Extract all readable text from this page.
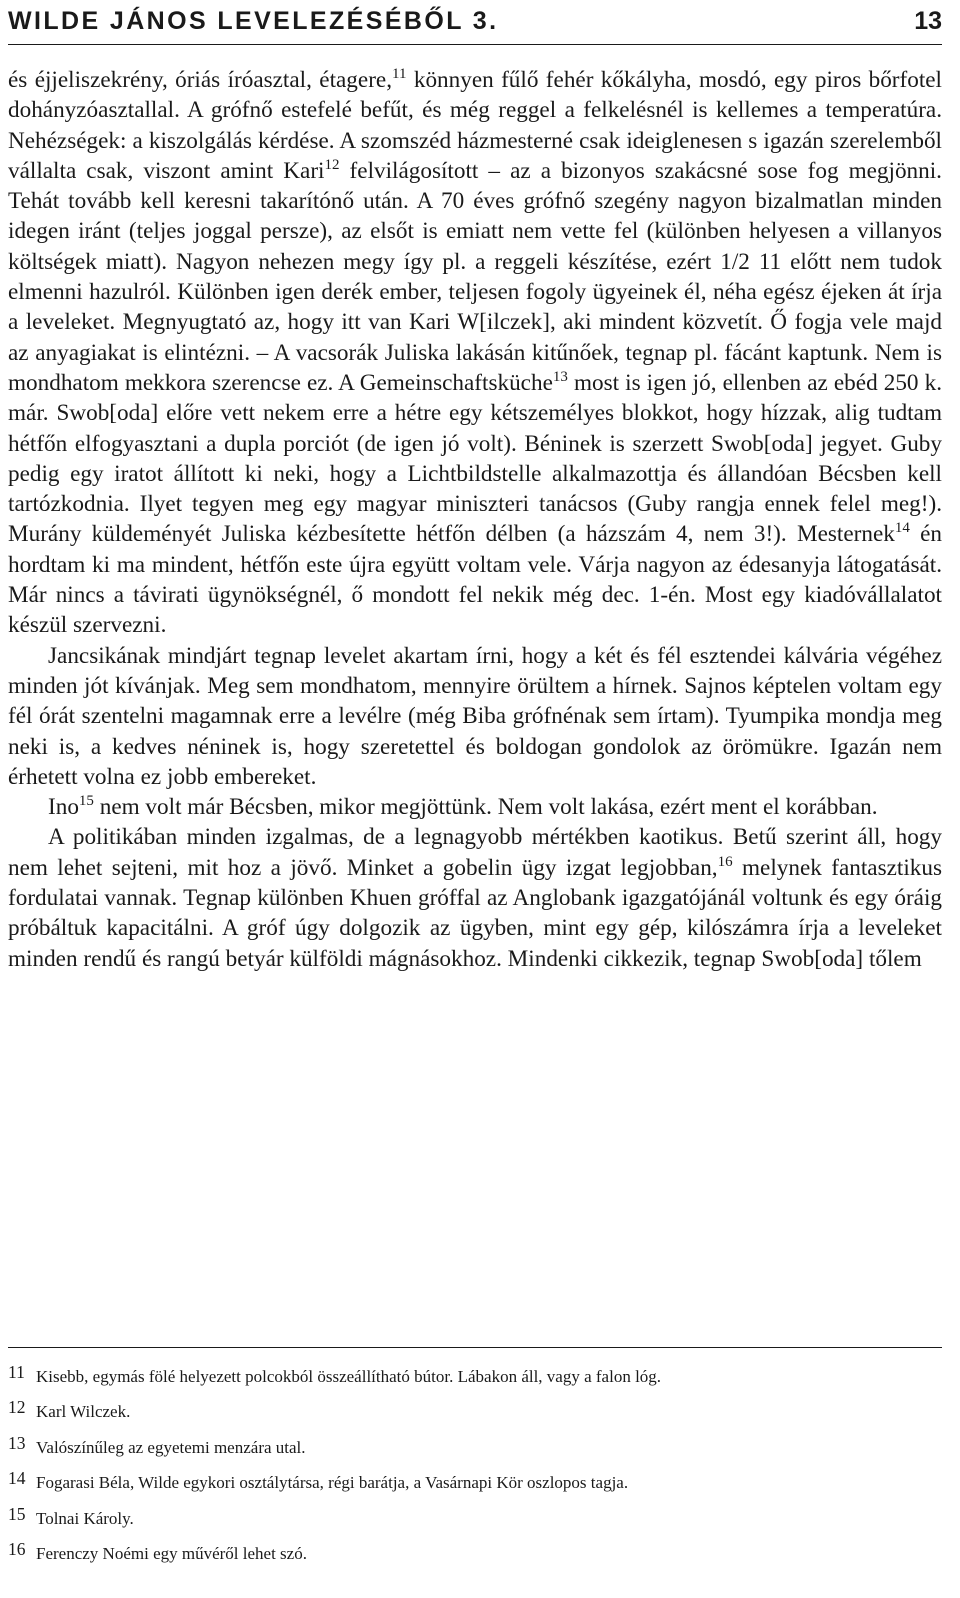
WILDE JÁNOS LEVELEZÉSÉBŐL 3.	13

és éjjeliszekrény, óriás íróasztal, étagere,$^{11}$ könnyen fűlő fehér kőkályha, mosdó, egy piros bőrfotel dohányzóasztallal. A grófnő estefelé befűt, és még reggel a felkelésnél is kellemes a temperatúra. Nehézségek: a kiszolgálás kérdése. A szomszéd házmesterné csak ideiglenesen s igazán szerelemből vállalta csak, viszont amint Kari$^{12}$ felvilágosított – az a bizonyos szakácsné sose fog megjönni. Tehát tovább kell keresni takarítónő után. A 70 éves grófnő szegény nagyon bizalmatlan minden idegen iránt (teljes joggal persze), az elsőt is emiatt nem vette fel (különben helyesen a villanyos költségek miatt). Nagyon nehezen megy így pl. a reggeli készítése, ezért 1/2 11 előtt nem tudok elmenni hazulról. Különben igen derék ember, teljesen fogoly ügyeinek él, néha egész éjeken át írja a leveleket. Megnyugtató az, hogy itt van Kari W[ilczek], aki mindent közvetít. Ő fogja vele majd az anyagiakat is elintézni. – A vacsorák Juliska lakásán kitűnőek, tegnap pl. fácánt kaptunk. Nem is mondhatom mekkora szerencse ez. A Gemeinschaftsküche$^{13}$ most is igen jó, ellenben az ebéd 250 k. már. Swob[oda] előre vett nekem erre a hétre egy kétszemélyes blokkot, hogy hízzak, alig tudtam hétfőn elfogyasztani a dupla porciót (de igen jó volt). Béninek is szerzett Swob[oda] jegyet. Guby pedig egy iratot állított ki neki, hogy a Lichtbildstelle alkalmazottja és állandóan Bécsben kell tartózkodnia. Ilyet tegyen meg egy magyar miniszteri tanácsos (Guby rangja ennek felel meg!). Murány küldeményét Juliska kézbesítette hétfőn délben (a házszám 4, nem 3!). Mesternek$^{14}$ én hordtam ki ma mindent, hétfőn este újra együtt voltam vele. Várja nagyon az édesanyja látogatását. Már nincs a távirati ügynökségnél, ő mondott fel nekik még dec. 1-én. Most egy kiadóvállalatot készül szervezni.

Jancsikának mindjárt tegnap levelet akartam írni, hogy a két és fél esztendei kálvária végéhez minden jót kívánjak. Meg sem mondhatom, mennyire örültem a hírnek. Sajnos képtelen voltam egy fél órát szentelni magamnak erre a levélre (még Biba grófnénak sem írtam). Tyumpika mondja meg neki is, a kedves néninek is, hogy szeretettel és boldogan gondolok az örömükre. Igazán nem érhetett volna ez jobb embereket.

Ino$^{15}$ nem volt már Bécsben, mikor megjöttünk. Nem volt lakása, ezért ment el korábban.

A politikában minden izgalmas, de a legnagyobb mértékben kaotikus. Betű szerint áll, hogy nem lehet sejteni, mit hoz a jövő. Minket a gobelin ügy izgat legjobban,$^{16}$ melynek fantasztikus fordulatai vannak. Tegnap különben Khuen gróffal az Anglobank igazgatójánál voltunk és egy óráig próbáltuk kapacitálni. A gróf úgy dolgozik az ügyben, mint egy gép, kilószámra írja a leveleket minden rendű és rangú betyár külföldi mágnásokhoz. Mindenki cikkezik, tegnap Swob[oda] tőlem

11 Kisebb, egymás fölé helyezett polcokból összeállítható bútor. Lábakon áll, vagy a falon lóg.
12 Karl Wilczek.
13 Valószínűleg az egyetemi menzára utal.
14 Fogarasi Béla, Wilde egykori osztálytársa, régi barátja, a Vasárnapi Kör oszlopos tagja.
15 Tolnai Károly.
16 Ferenczy Noémi egy művéről lehet szó.
